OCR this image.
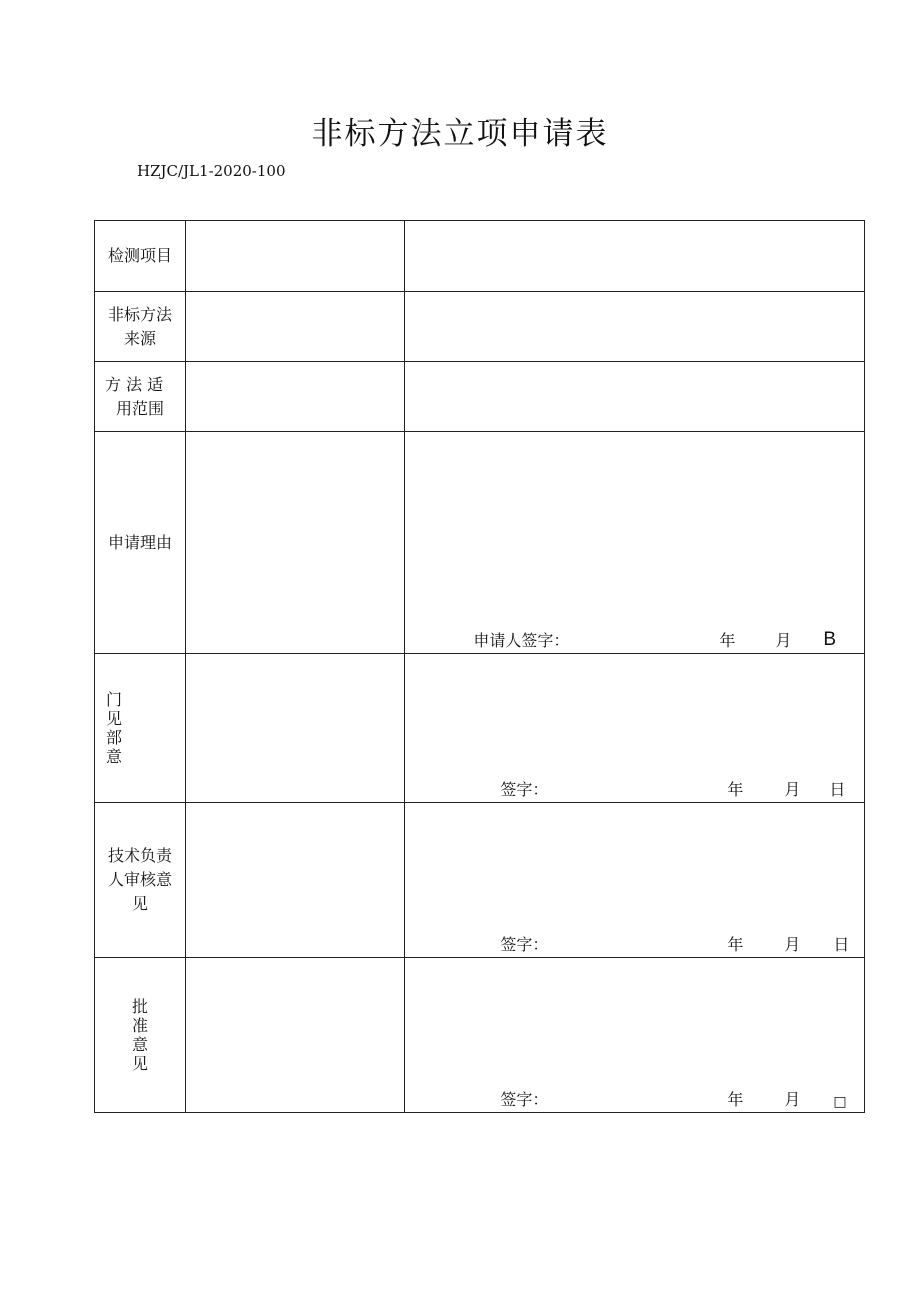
非标方法立项申请表
HZJC/JL1-2020-100
检测项目		

非标方法
来源		

方 法 适
用范围		

申请理由		申请人签字： 年 月 B

门
见
部
意		签字： 年 月 日

技术负责
人审核意
见		签字： 年 月 日

批
准
意
见		签字： 年 月 □
